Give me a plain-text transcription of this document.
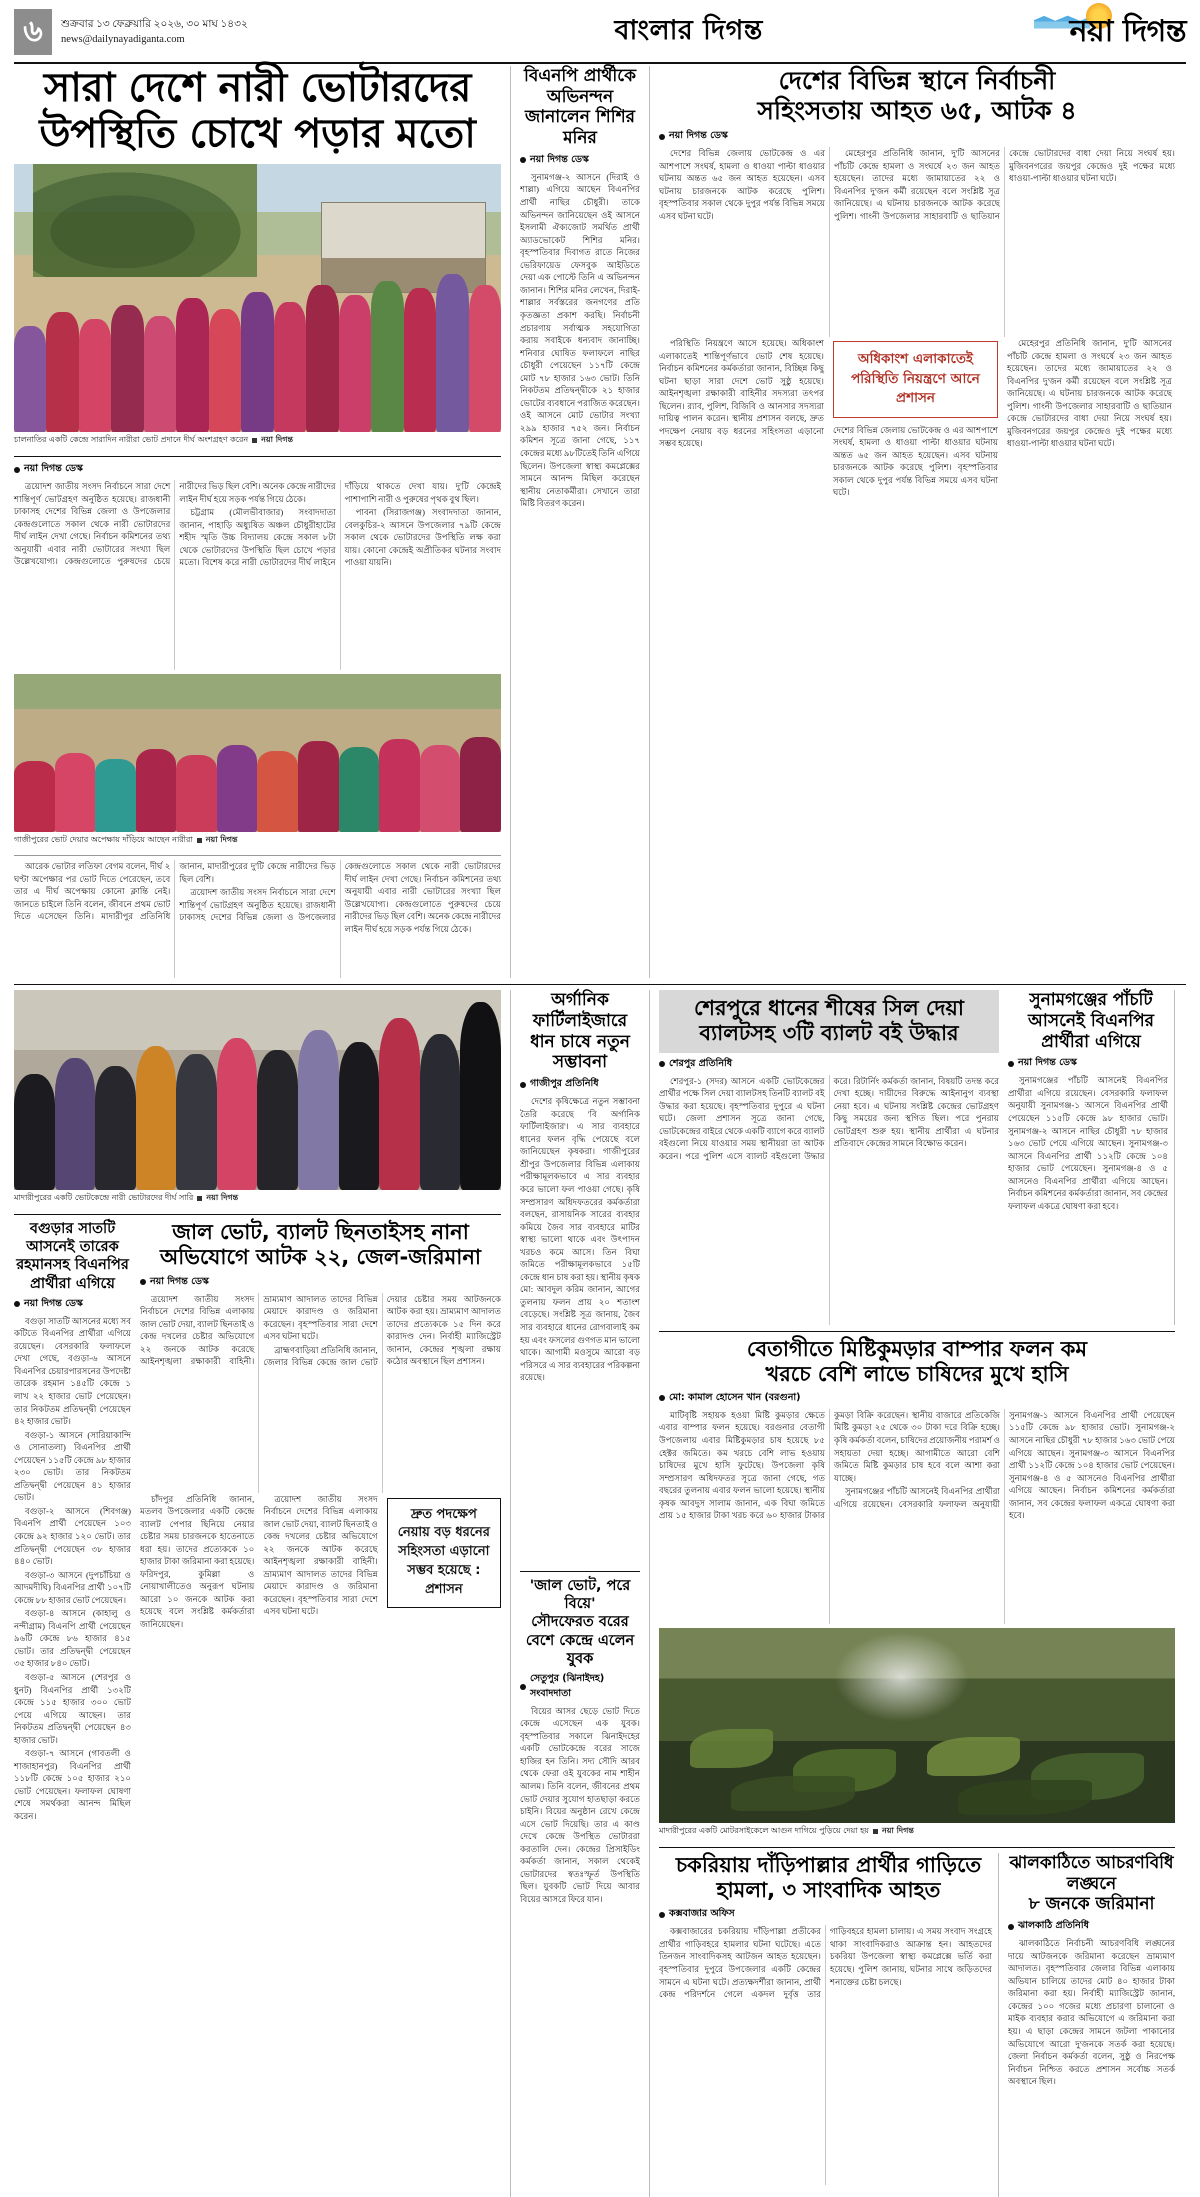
৬	শুক্রবার ১৩ ফেব্রুয়ারি ২০২৬, ৩০ মাঘ ১৪৩২
news@dailynayadiganta.com	বাংলার দিগন্ত	নয়া দিগন্ত
সারা দেশে নারী ভোটারদের
উপস্থিতি চোখে পড়ার মতো
চালনাতির একটি কেন্দ্রে সারাদিন নারীরা ভোট প্রদানে দীর্ঘ অংশগ্রহণ করেন নয়া দিগন্ত
নয়া দিগন্ত ডেস্ক

ত্রয়োদশ জাতীয় সংসদ নির্বাচনে সারা দেশে শান্তিপূর্ণ ভোটগ্রহণ অনুষ্ঠিত হয়েছে। রাজধানী ঢাকাসহ দেশের বিভিন্ন জেলা ও উপজেলার কেন্দ্রগুলোতে সকাল থেকে নারী ভোটারদের দীর্ঘ লাইন দেখা গেছে। নির্বাচন কমিশনের তথ্য অনুযায়ী এবার নারী ভোটারের সংখ্যা ছিল উল্লেখযোগ্য। কেন্দ্রগুলোতে পুরুষদের চেয়ে নারীদের ভিড় ছিল বেশি। অনেক কেন্দ্রে নারীদের লাইন দীর্ঘ হয়ে সড়ক পর্যন্ত গিয়ে ঠেকে।

চট্টগ্রাম (মৌলভীবাজার) সংবাদদাতা জানান, পাহাড়ি অধ্যুষিত অঞ্চল চৌধুরীহাটের শহীদ স্মৃতি উচ্চ বিদ্যালয় কেন্দ্রে সকাল ৮টা থেকে ভোটারদের উপস্থিতি ছিল চোখে পড়ার মতো। বিশেষ করে নারী ভোটারদের দীর্ঘ লাইনে দাঁড়িয়ে থাকতে দেখা যায়। দু'টি কেন্দ্রেই পাশাপাশি নারী ও পুরুষের পৃথক বুথ ছিল।

পাবনা (সিরাজগঞ্জ) সংবাদদাতা জানান, বেলকুচির-২ আসনে উপজেলার ৭৯টি কেন্দ্রে সকাল থেকে ভোটারদের উপস্থিতি লক্ষ করা যায়। কোনো কেন্দ্রেই অপ্রীতিকর ঘটনার সংবাদ পাওয়া যায়নি।

গাজীপুরের ভোট দেয়ার অপেক্ষায় দাঁড়িয়ে আছেন নারীরা নয়া দিগন্ত

আরেক ভোটার লতিফা বেগম বলেন, দীর্ঘ ২ ঘণ্টা অপেক্ষার পর ভোট দিতে পেরেছেন, তবে তার এ দীর্ঘ অপেক্ষায় কোনো ক্লান্তি নেই। জানতে চাইলে তিনি বলেন, জীবনে প্রথম ভোট দিতে এসেছেন তিনি। মাদারীপুর প্রতিনিধি জানান, মাদারীপুরের দু'টি কেন্দ্রে নারীদের ভিড় ছিল বেশি।

ত্রয়োদশ জাতীয় সংসদ নির্বাচনে সারা দেশে শান্তিপূর্ণ ভোটগ্রহণ অনুষ্ঠিত হয়েছে। রাজধানী ঢাকাসহ দেশের বিভিন্ন জেলা ও উপজেলার কেন্দ্রগুলোতে সকাল থেকে নারী ভোটারদের দীর্ঘ লাইন দেখা গেছে। নির্বাচন কমিশনের তথ্য অনুযায়ী এবার নারী ভোটারের সংখ্যা ছিল উল্লেখযোগ্য। কেন্দ্রগুলোতে পুরুষদের চেয়ে নারীদের ভিড় ছিল বেশি। অনেক কেন্দ্রে নারীদের লাইন দীর্ঘ হয়ে সড়ক পর্যন্ত গিয়ে ঠেকে।

বিএনপি প্রার্থীকে অভিনন্দন জানালেন শিশির মনির
নয়া দিগন্ত ডেস্ক

সুনামগঞ্জ-২ আসনে (দিরাই ও শাল্লা) এগিয়ে আছেন বিএনপির প্রার্থী নাছির চৌধুরী। তাকে অভিনন্দন জানিয়েছেন ওই আসনে ইসলামী ঐক্যজোট সমর্থিত প্রার্থী অ্যাডভোকেট শিশির মনির। বৃহস্পতিবার দিবাগত রাতে নিজের ভেরিফায়েড ফেসবুক আইডিতে দেয়া এক পোস্টে তিনি এ অভিনন্দন জানান। শিশির মনির লেখেন, দিরাই-শাল্লার সর্বস্তরের জনগণের প্রতি কৃতজ্ঞতা প্রকাশ করছি। নির্বাচনী প্রচারণায় সর্বাত্মক সহযোগিতা করায় সবাইকে ধন্যবাদ জানাচ্ছি। শনিবার ঘোষিত ফলাফলে নাছির চৌধুরী পেয়েছেন ১১৭টি কেন্দ্রে মোট ৭৮ হাজার ১৬৩ ভোট। তিনি নিকটতম প্রতিদ্বন্দ্বীকে ২১ হাজার ভোটের ব্যবধানে পরাজিত করেছেন। ওই আসনে মোট ভোটার সংখ্যা ২৯৯ হাজার ৭৫২ জন। নির্বাচন কমিশন সূত্রে জানা গেছে, ১১৭ কেন্দ্রের মধ্যে ৯৮টিতেই তিনি এগিয়ে ছিলেন। উপজেলা স্বাস্থ্য কমপ্লেক্সের সামনে আনন্দ মিছিল করেছেন স্থানীয় নেতাকর্মীরা। সেখানে তারা মিষ্টি বিতরণ করেন।

দেশের বিভিন্ন স্থানে নির্বাচনী
সহিংসতায় আহত ৬৫, আটক ৪
নয়া দিগন্ত ডেস্ক

দেশের বিভিন্ন জেলায় ভোটকেন্দ্র ও এর আশপাশে সংঘর্ষ, হামলা ও ধাওয়া পাল্টা ধাওয়ার ঘটনায় অন্তত ৬৫ জন আহত হয়েছেন। এসব ঘটনায় চারজনকে আটক করেছে পুলিশ। বৃহস্পতিবার সকাল থেকে দুপুর পর্যন্ত বিভিন্ন সময়ে এসব ঘটনা ঘটে।

মেহেরপুর প্রতিনিধি জানান, দু'টি আসনের পাঁচটি কেন্দ্রে হামলা ও সংঘর্ষে ২৩ জন আহত হয়েছেন। তাদের মধ্যে জামায়াতের ২২ ও বিএনপির দু'জন কর্মী রয়েছেন বলে সংশ্লিষ্ট সূত্র জানিয়েছে। এ ঘটনায় চারজনকে আটক করেছে পুলিশ। গাংনী উপজেলার সাহারবাটি ও ছাতিয়ান কেন্দ্রে ভোটারদের বাধা দেয়া নিয়ে সংঘর্ষ হয়। মুজিবনগরের জয়পুর কেন্দ্রেও দুই পক্ষের মধ্যে ধাওয়া-পাল্টা ধাওয়ার ঘটনা ঘটে।

পরিস্থিতি নিয়ন্ত্রণে আসে হয়েছে। অধিকাংশ এলাকাতেই শান্তিপূর্ণভাবে ভোট শেষ হয়েছে। নির্বাচন কমিশনের কর্মকর্তারা জানান, বিচ্ছিন্ন কিছু ঘটনা ছাড়া সারা দেশে ভোট সুষ্ঠু হয়েছে। আইনশৃঙ্খলা রক্ষাকারী বাহিনীর সদস্যরা তৎপর ছিলেন। র‍্যাব, পুলিশ, বিজিবি ও আনসার সদস্যরা দায়িত্ব পালন করেন। স্থানীয় প্রশাসন বলছে, দ্রুত পদক্ষেপ নেয়ায় বড় ধরনের সহিংসতা এড়ানো সম্ভব হয়েছে।

অধিকাংশ এলাকাতেই পরিস্থিতি নিয়ন্ত্রণে আনে প্রশাসন
দেশের বিভিন্ন জেলায় ভোটকেন্দ্র ও এর আশপাশে সংঘর্ষ, হামলা ও ধাওয়া পাল্টা ধাওয়ার ঘটনায় অন্তত ৬৫ জন আহত হয়েছেন। এসব ঘটনায় চারজনকে আটক করেছে পুলিশ। বৃহস্পতিবার সকাল থেকে দুপুর পর্যন্ত বিভিন্ন সময়ে এসব ঘটনা ঘটে।

মেহেরপুর প্রতিনিধি জানান, দু'টি আসনের পাঁচটি কেন্দ্রে হামলা ও সংঘর্ষে ২৩ জন আহত হয়েছেন। তাদের মধ্যে জামায়াতের ২২ ও বিএনপির দু'জন কর্মী রয়েছেন বলে সংশ্লিষ্ট সূত্র জানিয়েছে। এ ঘটনায় চারজনকে আটক করেছে পুলিশ। গাংনী উপজেলার সাহারবাটি ও ছাতিয়ান কেন্দ্রে ভোটারদের বাধা দেয়া নিয়ে সংঘর্ষ হয়। মুজিবনগরের জয়পুর কেন্দ্রেও দুই পক্ষের মধ্যে ধাওয়া-পাল্টা ধাওয়ার ঘটনা ঘটে।

মাদারীপুরের একটি ভোটকেন্দ্রে নারী ভোটারদের দীর্ঘ সারি নয়া দিগন্ত
বগুড়ার সাতটি আসনেই তারেক রহমানসহ বিএনপির প্রার্থীরা এগিয়ে
নয়া দিগন্ত ডেস্ক

বগুড়া সাতটি আসনের মধ্যে সব কটিতে বিএনপির প্রার্থীরা এগিয়ে রয়েছেন। বেসরকারি ফলাফলে দেখা গেছে, বগুড়া-৬ আসনে বিএনপির চেয়ারপারসনের উপদেষ্টা তারেক রহমান ১৪৫টি কেন্দ্রে ১ লাখ ২২ হাজার ভোট পেয়েছেন। তার নিকটতম প্রতিদ্বন্দ্বী পেয়েছেন ৪২ হাজার ভোট।

বগুড়া-১ আসনে (সারিয়াকান্দি ও সোনাতলা) বিএনপির প্রার্থী পেয়েছেন ১১৫টি কেন্দ্রে ৯৮ হাজার ২৩০ ভোট। তার নিকটতম প্রতিদ্বন্দ্বী পেয়েছেন ৪১ হাজার ভোট।

বগুড়া-২ আসনে (শিবগঞ্জ) বিএনপি প্রার্থী পেয়েছেন ১০৩ কেন্দ্রে ৯২ হাজার ১২০ ভোট। তার প্রতিদ্বন্দ্বী পেয়েছেন ৩৮ হাজার ৪৪০ ভোট।

বগুড়া-৩ আসনে (দুপচাঁচিয়া ও আদমদীঘি) বিএনপির প্রার্থী ১০৭টি কেন্দ্রে ৮৮ হাজার ভোট পেয়েছেন।

বগুড়া-৪ আসনে (কাহালু ও নন্দীগ্রাম) বিএনপি প্রার্থী পেয়েছেন ৯৬টি কেন্দ্রে ৮৬ হাজার ৪১৫ ভোট। তার প্রতিদ্বন্দ্বী পেয়েছেন ৩৫ হাজার ৮৪০ ভোট।

বগুড়া-৫ আসনে (শেরপুর ও ধুনট) বিএনপির প্রার্থী ১৩২টি কেন্দ্রে ১১৫ হাজার ৩০০ ভোট পেয়ে এগিয়ে আছেন। তার নিকটতম প্রতিদ্বন্দ্বী পেয়েছেন ৪৩ হাজার ভোট।

বগুড়া-৭ আসনে (গাবতলী ও শাজাহানপুর) বিএনপির প্রার্থী ১১৮টি কেন্দ্রে ১০৫ হাজার ২১০ ভোট পেয়েছেন। ফলাফল ঘোষণা শেষে সমর্থকরা আনন্দ মিছিল করেন।

জাল ভোট, ব্যালট ছিনতাইসহ নানা
অভিযোগে আটক ২২, জেল-জরিমানা
নয়া দিগন্ত ডেস্ক

ত্রয়োদশ জাতীয় সংসদ নির্বাচনে দেশের বিভিন্ন এলাকায় জাল ভোট দেয়া, ব্যালট ছিনতাই ও কেন্দ্র দখলের চেষ্টার অভিযোগে ২২ জনকে আটক করেছে আইনশৃঙ্খলা রক্ষাকারী বাহিনী। ভ্রাম্যমাণ আদালত তাদের বিভিন্ন মেয়াদে কারাদণ্ড ও জরিমানা করেছেন। বৃহস্পতিবার সারা দেশে এসব ঘটনা ঘটে।

ব্রাহ্মণবাড়িয়া প্রতিনিধি জানান, জেলার বিভিন্ন কেন্দ্রে জাল ভোট দেয়ার চেষ্টার সময় আটজনকে আটক করা হয়। ভ্রাম্যমাণ আদালত তাদের প্রত্যেককে ১৫ দিন করে কারাদণ্ড দেন। নির্বাহী ম্যাজিস্ট্রেট জানান, কেন্দ্রের শৃঙ্খলা রক্ষায় কঠোর অবস্থানে ছিল প্রশাসন।

চাঁদপুর প্রতিনিধি জানান, মতলব উপজেলার একটি কেন্দ্রে ব্যালট পেপার ছিনিয়ে নেয়ার চেষ্টার সময় চারজনকে হাতেনাতে ধরা হয়। তাদের প্রত্যেককে ১০ হাজার টাকা জরিমানা করা হয়েছে। ফরিদপুর, কুমিল্লা ও নোয়াখালীতেও অনুরূপ ঘটনায় আরো ১০ জনকে আটক করা হয়েছে বলে সংশ্লিষ্ট কর্মকর্তারা জানিয়েছেন।

ত্রয়োদশ জাতীয় সংসদ নির্বাচনে দেশের বিভিন্ন এলাকায় জাল ভোট দেয়া, ব্যালট ছিনতাই ও কেন্দ্র দখলের চেষ্টার অভিযোগে ২২ জনকে আটক করেছে আইনশৃঙ্খলা রক্ষাকারী বাহিনী। ভ্রাম্যমাণ আদালত তাদের বিভিন্ন মেয়াদে কারাদণ্ড ও জরিমানা করেছেন। বৃহস্পতিবার সারা দেশে এসব ঘটনা ঘটে।

দ্রুত পদক্ষেপ নেয়ায় বড় ধরনের সহিংসতা এড়ানো সম্ভব হয়েছে : প্রশাসন
অর্গানিক ফার্টিলাইজারে ধান চাষে নতুন সম্ভাবনা
গাজীপুর প্রতিনিধি

দেশের কৃষিক্ষেত্রে নতুন সম্ভাবনা তৈরি করেছে 'বি অর্গানিক ফার্টিলাইজার'। এ সার ব্যবহারে ধানের ফলন বৃদ্ধি পেয়েছে বলে জানিয়েছেন কৃষকরা। গাজীপুরের শ্রীপুর উপজেলার বিভিন্ন এলাকায় পরীক্ষামূলকভাবে এ সার ব্যবহার করে ভালো ফল পাওয়া গেছে। কৃষি সম্প্রসারণ অধিদফতরের কর্মকর্তারা বলছেন, রাসায়নিক সারের ব্যবহার কমিয়ে জৈব সার ব্যবহারে মাটির স্বাস্থ্য ভালো থাকে এবং উৎপাদন খরচও কমে আসে। তিন বিঘা জমিতে পরীক্ষামূলকভাবে ১৫টি কেন্দ্রে ধান চাষ করা হয়। স্থানীয় কৃষক মো: আবদুল করিম জানান, আগের তুলনায় ফলন প্রায় ২০ শতাংশ বেড়েছে। সংশ্লিষ্ট সূত্র জানায়, জৈব সার ব্যবহারে ধানের রোগবালাই কম হয় এবং ফসলের গুণগত মান ভালো থাকে। আগামী মওসুমে আরো বড় পরিসরে এ সার ব্যবহারের পরিকল্পনা রয়েছে।

'জাল ভোট, পরে বিয়ে'
সৌদফেরত বরের বেশে কেন্দ্রে এলেন যুবক
সেতুপুর (ঝিনাইদহ) সংবাদদাতা

বিয়ের আসর ছেড়ে ভোট দিতে কেন্দ্রে এসেছেন এক যুবক। বৃহস্পতিবার সকালে ঝিনাইদহের একটি ভোটকেন্দ্রে বরের সাজে হাজির হন তিনি। সদ্য সৌদি আরব থেকে ফেরা ওই যুবকের নাম শাহীন আলম। তিনি বলেন, জীবনের প্রথম ভোট দেয়ার সুযোগ হাতছাড়া করতে চাইনি। বিয়ের অনুষ্ঠান রেখে কেন্দ্রে এসে ভোট দিয়েছি। তার এ কাণ্ড দেখে কেন্দ্রে উপস্থিত ভোটাররা করতালি দেন। কেন্দ্রের প্রিসাইডিং কর্মকর্তা জানান, সকাল থেকেই ভোটারদের স্বতঃস্ফূর্ত উপস্থিতি ছিল। যুবকটি ভোট দিয়ে আবার বিয়ের আসরে ফিরে যান।

শেরপুরে ধানের শীষের সিল দেয়া ব্যালটসহ ৩টি ব্যালট বই উদ্ধার
শেরপুর প্রতিনিধি

শেরপুর-১ (সদর) আসনে একটি ভোটকেন্দ্রের প্রার্থীর পক্ষে সিল দেয়া ব্যালটসহ তিনটি ব্যালট বই উদ্ধার করা হয়েছে। বৃহস্পতিবার দুপুরে এ ঘটনা ঘটে। জেলা প্রশাসন সূত্রে জানা গেছে, ভোটকেন্দ্রের বাইরে থেকে একটি ব্যাগে করে ব্যালট বইগুলো নিয়ে যাওয়ার সময় স্থানীয়রা তা আটক করেন। পরে পুলিশ এসে ব্যালট বইগুলো উদ্ধার করে। রিটার্নিং কর্মকর্তা জানান, বিষয়টি তদন্ত করে দেখা হচ্ছে। দায়ীদের বিরুদ্ধে আইনানুগ ব্যবস্থা নেয়া হবে। এ ঘটনায় সংশ্লিষ্ট কেন্দ্রের ভোটগ্রহণ কিছু সময়ের জন্য স্থগিত ছিল। পরে পুনরায় ভোটগ্রহণ শুরু হয়। স্থানীয় প্রার্থীরা এ ঘটনার প্রতিবাদে কেন্দ্রের সামনে বিক্ষোভ করেন।

সুনামগঞ্জের পাঁচটি আসনেই বিএনপির প্রার্থীরা এগিয়ে
নয়া দিগন্ত ডেস্ক

সুনামগঞ্জের পাঁচটি আসনেই বিএনপির প্রার্থীরা এগিয়ে রয়েছেন। বেসরকারি ফলাফল অনুযায়ী সুনামগঞ্জ-১ আসনে বিএনপির প্রার্থী পেয়েছেন ১১৫টি কেন্দ্রে ৯৮ হাজার ভোট। সুনামগঞ্জ-২ আসনে নাছির চৌধুরী ৭৮ হাজার ১৬৩ ভোট পেয়ে এগিয়ে আছেন। সুনামগঞ্জ-৩ আসনে বিএনপির প্রার্থী ১১২টি কেন্দ্রে ১০৪ হাজার ভোট পেয়েছেন। সুনামগঞ্জ-৪ ও ৫ আসনেও বিএনপির প্রার্থীরা এগিয়ে আছেন। নির্বাচন কমিশনের কর্মকর্তারা জানান, সব কেন্দ্রের ফলাফল একত্রে ঘোষণা করা হবে।

বেতাগীতে মিষ্টিকুমড়ার বাম্পার ফলন কম
খরচে বেশি লাভে চাষিদের মুখে হাসি
মো: কামাল হোসেন খান (বরগুনা)

মাটিবৃষ্টি সহায়ক হওয়া মিষ্টি কুমড়ার ক্ষেতে এবার বাম্পার ফলন হয়েছে। বরগুনার বেতাগী উপজেলায় এবার মিষ্টিকুমড়ার চাষ হয়েছে ৮৫ হেক্টর জমিতে। কম খরচে বেশি লাভ হওয়ায় চাষিদের মুখে হাসি ফুটেছে। উপজেলা কৃষি সম্প্রসারণ অধিদফতর সূত্রে জানা গেছে, গত বছরের তুলনায় এবার ফলন ভালো হয়েছে। স্থানীয় কৃষক আবদুস সালাম জানান, এক বিঘা জমিতে প্রায় ১৫ হাজার টাকা খরচ করে ৬০ হাজার টাকার কুমড়া বিক্রি করেছেন। স্থানীয় বাজারে প্রতিকেজি মিষ্টি কুমড়া ২৫ থেকে ৩০ টাকা দরে বিক্রি হচ্ছে। কৃষি কর্মকর্তা বলেন, চাষিদের প্রয়োজনীয় পরামর্শ ও সহায়তা দেয়া হচ্ছে। আগামীতে আরো বেশি জমিতে মিষ্টি কুমড়ার চাষ হবে বলে আশা করা যাচ্ছে।

সুনামগঞ্জের পাঁচটি আসনেই বিএনপির প্রার্থীরা এগিয়ে রয়েছেন। বেসরকারি ফলাফল অনুযায়ী সুনামগঞ্জ-১ আসনে বিএনপির প্রার্থী পেয়েছেন ১১৫টি কেন্দ্রে ৯৮ হাজার ভোট। সুনামগঞ্জ-২ আসনে নাছির চৌধুরী ৭৮ হাজার ১৬৩ ভোট পেয়ে এগিয়ে আছেন। সুনামগঞ্জ-৩ আসনে বিএনপির প্রার্থী ১১২টি কেন্দ্রে ১০৪ হাজার ভোট পেয়েছেন। সুনামগঞ্জ-৪ ও ৫ আসনেও বিএনপির প্রার্থীরা এগিয়ে আছেন। নির্বাচন কমিশনের কর্মকর্তারা জানান, সব কেন্দ্রের ফলাফল একত্রে ঘোষণা করা হবে।

মাদারীপুরের একটি মোটরসাইকেলে আগুন দাগিয়ে পুড়িয়ে দেয়া হয় নয়া দিগন্ত
চকরিয়ায় দাঁড়িপাল্লার প্রার্থীর গাড়িতে
হামলা, ৩ সাংবাদিক আহত
কক্সবাজার অফিস

কক্সবাজারের চকরিয়ায় দাঁড়িপাল্লা প্রতীকের প্রার্থীর গাড়িবহরে হামলার ঘটনা ঘটেছে। এতে তিনজন সাংবাদিকসহ আটজন আহত হয়েছেন। বৃহস্পতিবার দুপুরে উপজেলার একটি কেন্দ্রের সামনে এ ঘটনা ঘটে। প্রত্যক্ষদর্শীরা জানান, প্রার্থী কেন্দ্র পরিদর্শনে গেলে একদল দুর্বৃত্ত তার গাড়িবহরে হামলা চালায়। এ সময় সংবাদ সংগ্রহে থাকা সাংবাদিকরাও আক্রান্ত হন। আহতদের চকরিয়া উপজেলা স্বাস্থ্য কমপ্লেক্সে ভর্তি করা হয়েছে। পুলিশ জানায়, ঘটনার সাথে জড়িতদের শনাক্তের চেষ্টা চলছে।

ঝালকাঠিতে আচরণবিধি লঙ্ঘনে
৮ জনকে জরিমানা
ঝালকাঠি প্রতিনিধি

ঝালকাঠিতে নির্বাচনী আচরণবিধি লঙ্ঘনের দায়ে আটজনকে জরিমানা করেছেন ভ্রাম্যমাণ আদালত। বৃহস্পতিবার জেলার বিভিন্ন এলাকায় অভিযান চালিয়ে তাদের মোট ৪০ হাজার টাকা জরিমানা করা হয়। নির্বাহী ম্যাজিস্ট্রেট জানান, কেন্দ্রের ১০০ গজের মধ্যে প্রচারণা চালানো ও মাইক ব্যবহার করার অভিযোগে এ জরিমানা করা হয়। এ ছাড়া কেন্দ্রের সামনে জটলা পাকানোর অভিযোগে আরো দু'জনকে সতর্ক করা হয়েছে। জেলা নির্বাচন কর্মকর্তা বলেন, সুষ্ঠু ও নিরপেক্ষ নির্বাচন নিশ্চিত করতে প্রশাসন সর্বোচ্চ সতর্ক অবস্থানে ছিল।
